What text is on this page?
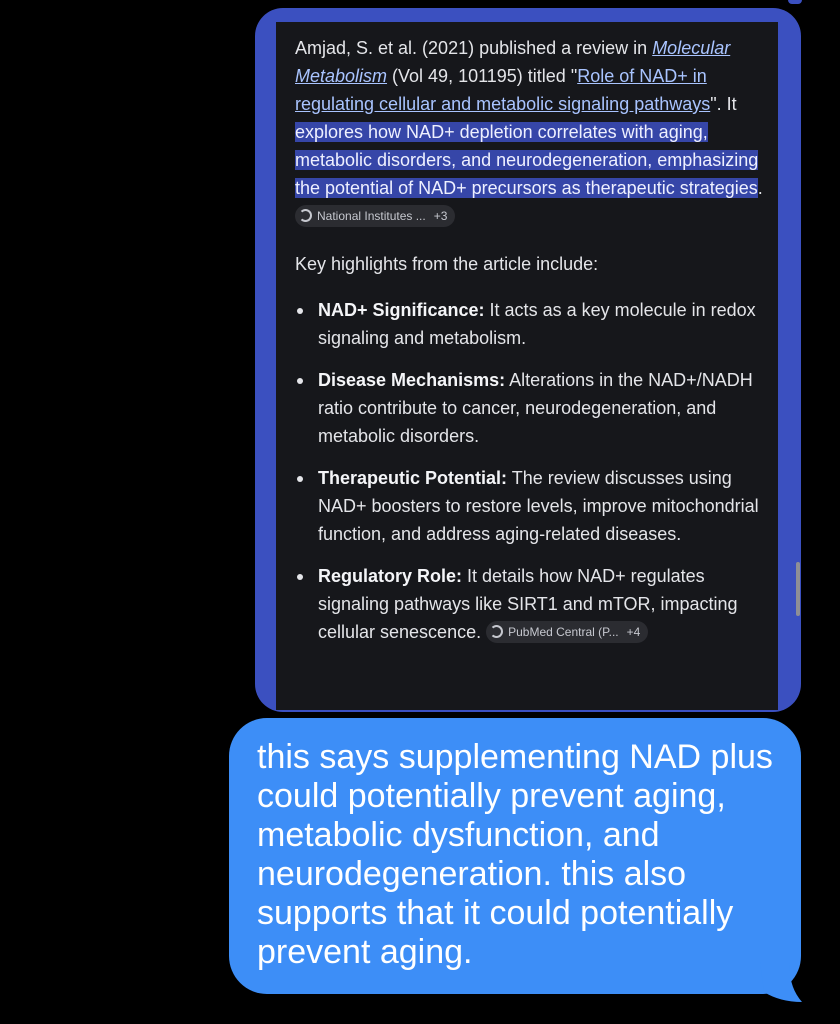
Amjad, S. et al. (2021) published a review in Molecular Metabolism (Vol 49, 101195) titled "Role of NAD+ in regulating cellular and metabolic signaling pathways". It explores how NAD+ depletion correlates with aging, metabolic disorders, and neurodegeneration, emphasizing the potential of NAD+ precursors as therapeutic strategies. National Institutes ... +3

Key highlights from the article include:

NAD+ Significance: It acts as a key molecule in redox signaling and metabolism.
Disease Mechanisms: Alterations in the NAD+/NADH ratio contribute to cancer, neurodegeneration, and metabolic disorders.
Therapeutic Potential: The review discusses using NAD+ boosters to restore levels, improve mitochondrial function, and address aging-related diseases.
Regulatory Role: It details how NAD+ regulates signaling pathways like SIRT1 and mTOR, impacting cellular senescence. PubMed Central (P... +4
this says supplementing NAD plus could potentially prevent aging, metabolic dysfunction, and neurodegeneration. this also supports that it could potentially prevent aging.
